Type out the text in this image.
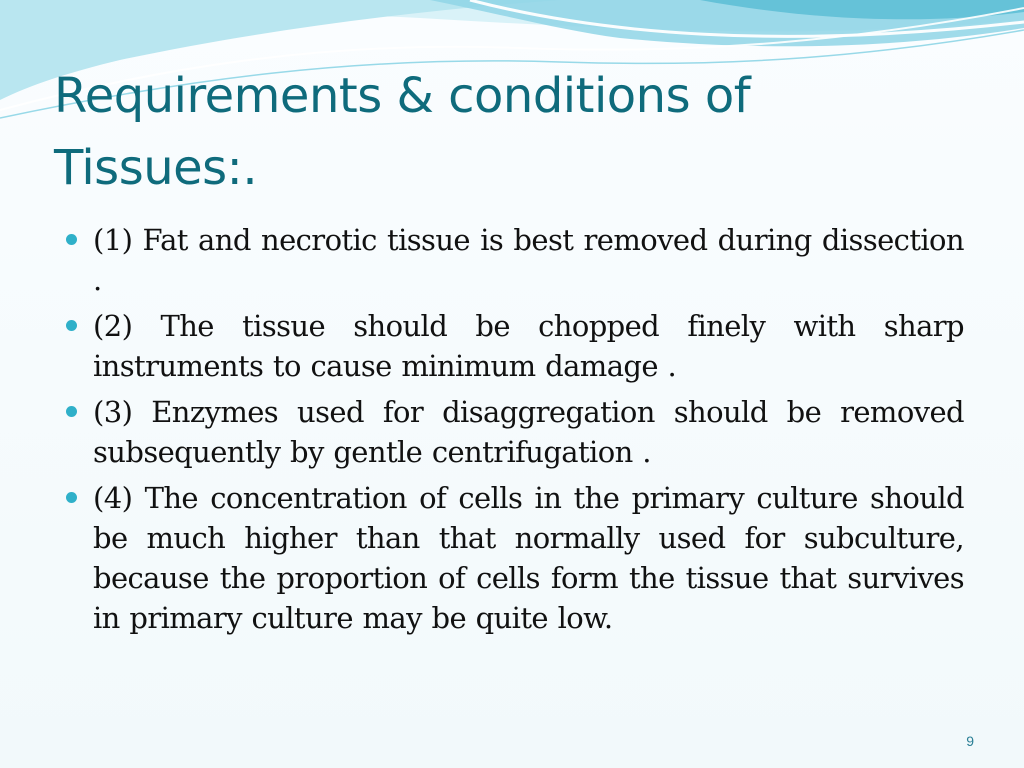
Requirements & conditions of Tissues:.
(1) Fat and necrotic tissue is best removed during dissection .
(2) The tissue should be chopped finely with sharp instruments to cause minimum damage .
(3) Enzymes used for disaggregation should be removed subsequently by gentle centrifugation .
(4) The concentration of cells in the primary culture should be much higher than that normally used for subculture, because the proportion of cells form the tissue that survives in primary culture may be quite low.
9
